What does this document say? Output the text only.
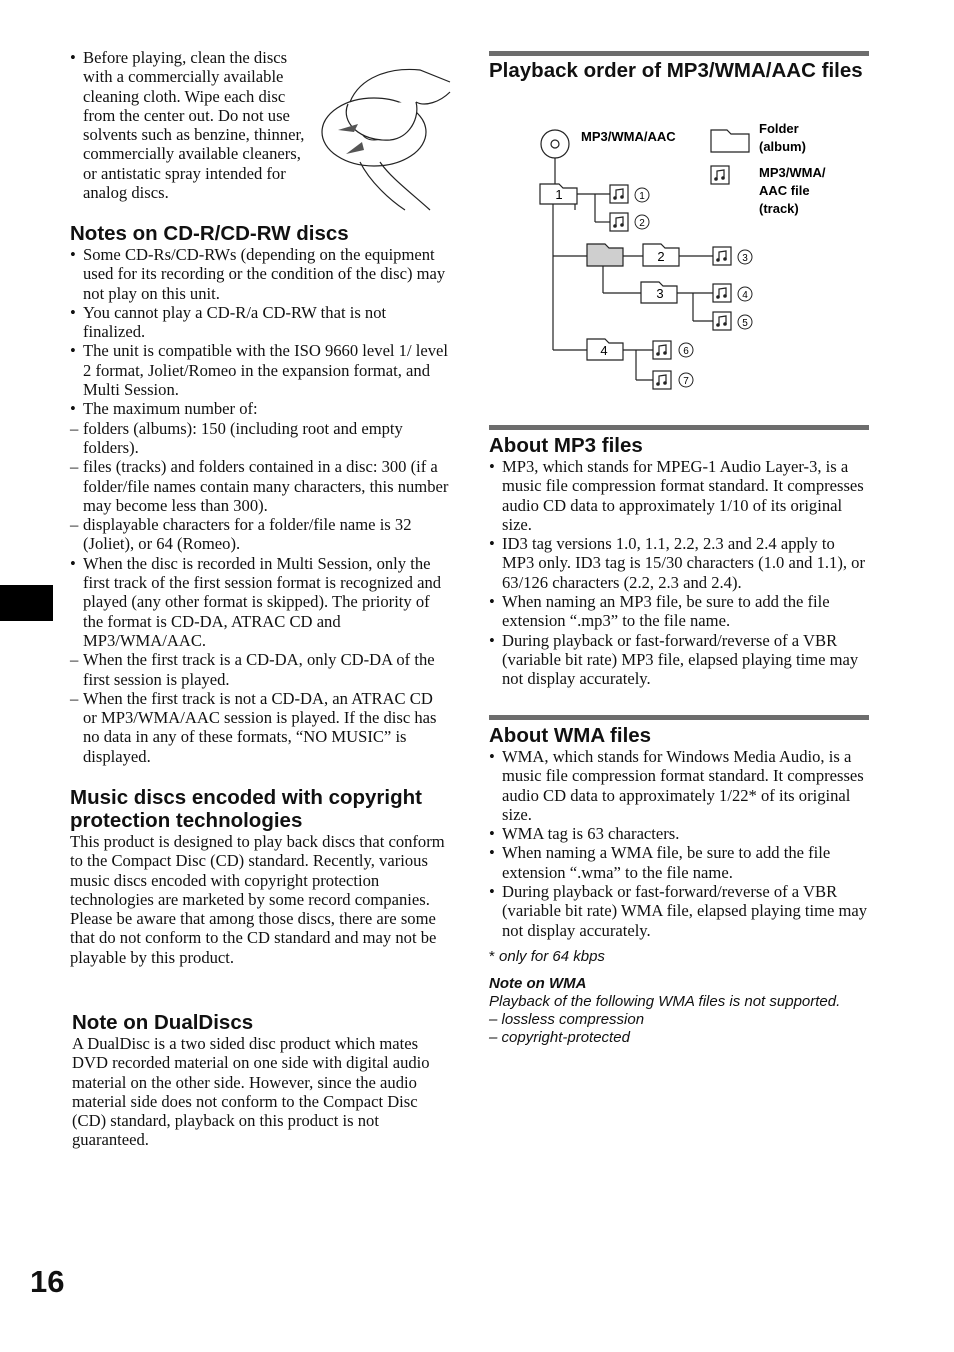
• Before playing, clean the discs with a commercially available cleaning cloth. Wipe each disc from the center out. Do not use solvents such as benzine, thinner, commercially available cleaners, or antistatic spray intended for analog discs.
Notes on CD-R/CD-RW discs
• Some CD-Rs/CD-RWs (depending on the equipment used for its recording or the condition of the disc) may not play on this unit.
• You cannot play a CD-R/a CD-RW that is not finalized.
• The unit is compatible with the ISO 9660 level 1/ level 2 format, Joliet/Romeo in the expansion format, and Multi Session.
• The maximum number of:
– folders (albums): 150 (including root and empty folders).
– files (tracks) and folders contained in a disc: 300 (if a folder/file names contain many characters, this number may become less than 300).
– displayable characters for a folder/file name is 32 (Joliet), or 64 (Romeo).
• When the disc is recorded in Multi Session, only the first track of the first session format is recognized and played (any other format is skipped). The priority of the format is CD-DA, ATRAC CD and MP3/WMA/AAC.
– When the first track is a CD-DA, only CD-DA of the first session is played.
– When the first track is not a CD-DA, an ATRAC CD or MP3/WMA/AAC session is played. If the disc has no data in any of these formats, “NO MUSIC” is displayed.
Music discs encoded with copyright protection technologies
This product is designed to play back discs that conform to the Compact Disc (CD) standard. Recently, various music discs encoded with copyright protection technologies are marketed by some record companies. Please be aware that among those discs, there are some that do not conform to the CD standard and may not be playable by this product.
Note on DualDiscs
A DualDisc is a two sided disc product which mates DVD recorded material on one side with digital audio material on the other side. However, since the audio material side does not conform to the Compact Disc (CD) standard, playback on this product is not guaranteed.
16
Playback order of MP3/WMA/AAC files
MP3/WMA/AAC
Folder
(album)
MP3/WMA/
AAC file
(track)
1
2
3
4
1
2
3
4
5
6
7
About MP3 files
• MP3, which stands for MPEG-1 Audio Layer-3, is a music file compression format standard. It compresses audio CD data to approximately 1/10 of its original size.
• ID3 tag versions 1.0, 1.1, 2.2, 2.3 and 2.4 apply to MP3 only. ID3 tag is 15/30 characters (1.0 and 1.1), or 63/126 characters (2.2, 2.3 and 2.4).
• When naming an MP3 file, be sure to add the file extension “.mp3” to the file name.
• During playback or fast-forward/reverse of a VBR (variable bit rate) MP3 file, elapsed playing time may not display accurately.
About WMA files
• WMA, which stands for Windows Media Audio, is a music file compression format standard. It compresses audio CD data to approximately 1/22* of its original size.
• WMA tag is 63 characters.
• When naming a WMA file, be sure to add the file extension “.wma” to the file name.
• During playback or fast-forward/reverse of a VBR (variable bit rate) WMA file, elapsed playing time may not display accurately.
* only for 64 kbps
Note on WMA
Playback of the following WMA files is not supported.
– lossless compression
– copyright-protected
